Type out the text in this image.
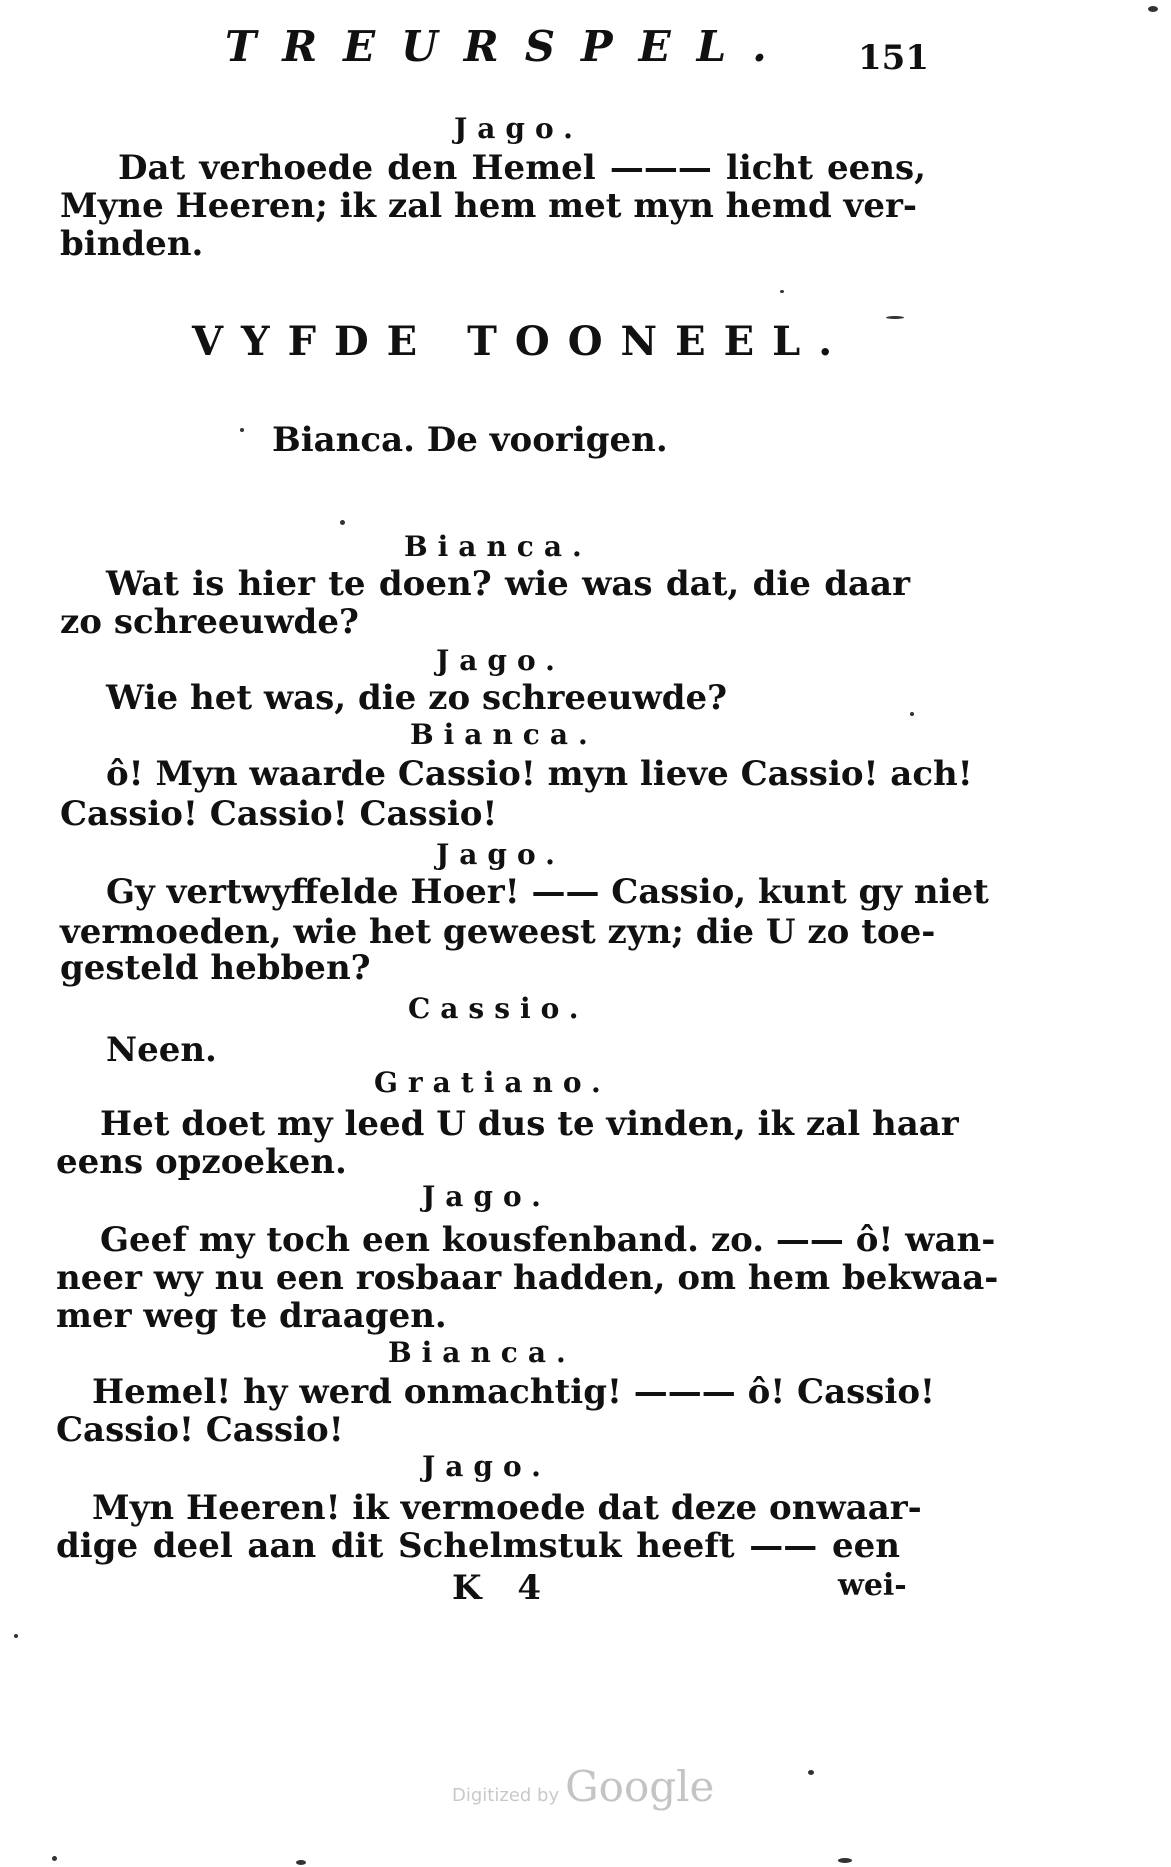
TREURSPEL. 151
Jago.
Dat verhoede den Hemel ——— licht eens,
Myne Heeren; ik zal hem met myn hemd ver-
binden.
VYFDE TOONEEL.
Bianca. De voorigen.
Bianca.
Wat is hier te doen? wie was dat, die daar
zo schreeuwde?
Jago.
Wie het was, die zo schreeuwde?
Bianca.
ô! Myn waarde Cassio! myn lieve Cassio! ach!
Cassio! Cassio! Cassio!
Jago.
Gy vertwyffelde Hoer! —— Cassio, kunt gy niet
vermoeden, wie het geweest zyn; die U zo toe-
gesteld hebben?
Cassio.
Neen.
Gratiano.
Het doet my leed U dus te vinden, ik zal haar
eens opzoeken.
Jago.
Geef my toch een kousfenband. zo. —— ô! wan-
neer wy nu een rosbaar hadden, om hem bekwaa-
mer weg te draagen.
Bianca.
Hemel! hy werd onmachtig! ——— ô! Cassio!
Cassio! Cassio!
Jago.
Myn Heeren! ik vermoede dat deze onwaar-
dige deel aan dit Schelmstuk heeft —— een
K 4	wei-
Digitized by Google
